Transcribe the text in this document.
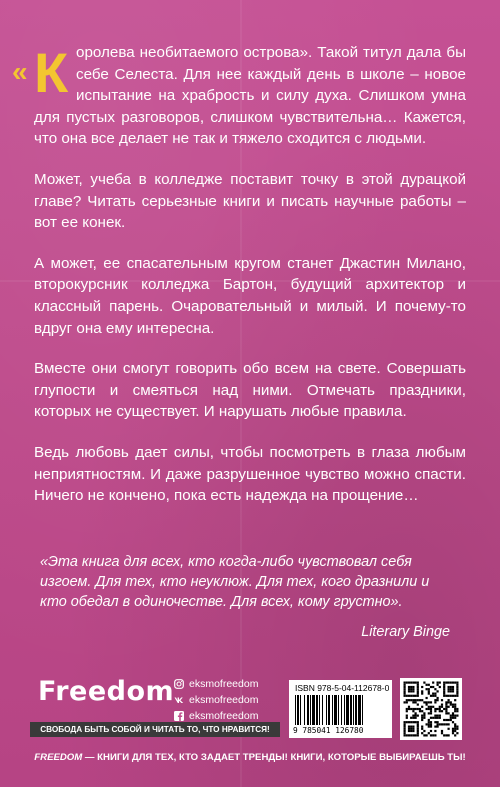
« К оролева необитаемого острова». Такой титул дала бы себе Селеста. Для нее каждый день в школе – новое испытание на храбрость и силу духа. Слишком умна для пустых разговоров, слишком чувствительна… Кажется, что она все делает не так и тяжело сходится с людьми.

Может, учеба в колледже поставит точку в этой дурацкой главе? Читать серьезные книги и писать научные работы – вот ее конек.

А может, ее спасательным кругом станет Джастин Милано, второкурсник колледжа Бартон, будущий архитектор и классный парень. Очаровательный и милый. И почему-то вдруг она ему интересна.

Вместе они смогут говорить обо всем на свете. Совершать глупости и смеяться над ними. Отмечать праздники, которых не существует. И нарушать любые правила.

Ведь любовь дает силы, чтобы посмотреть в глаза любым неприятностям. И даже разрушенное чувство можно спасти. Ничего не кончено, пока есть надежда на прощение…

«Эта книга для всех, кто когда-либо чувствовал себя изгоем. Для тех, кто неуклюж. Для тех, кого дразнили и кто обедал в одиночестве. Для всех, кому грустно».
Literary Binge
Freedom eksmofreedom
eksmofreedom
eksmofreedom
СВОБОДА БЫТЬ СОБОЙ И ЧИТАТЬ ТО, ЧТО НРАВИТСЯ!
ISBN 978-5-04-112678-0
9 785041 126780
FREEDOM — КНИГИ ДЛЯ ТЕХ, КТО ЗАДАЕТ ТРЕНДЫ! КНИГИ, КОТОРЫЕ ВЫБИРАЕШЬ ТЫ!
